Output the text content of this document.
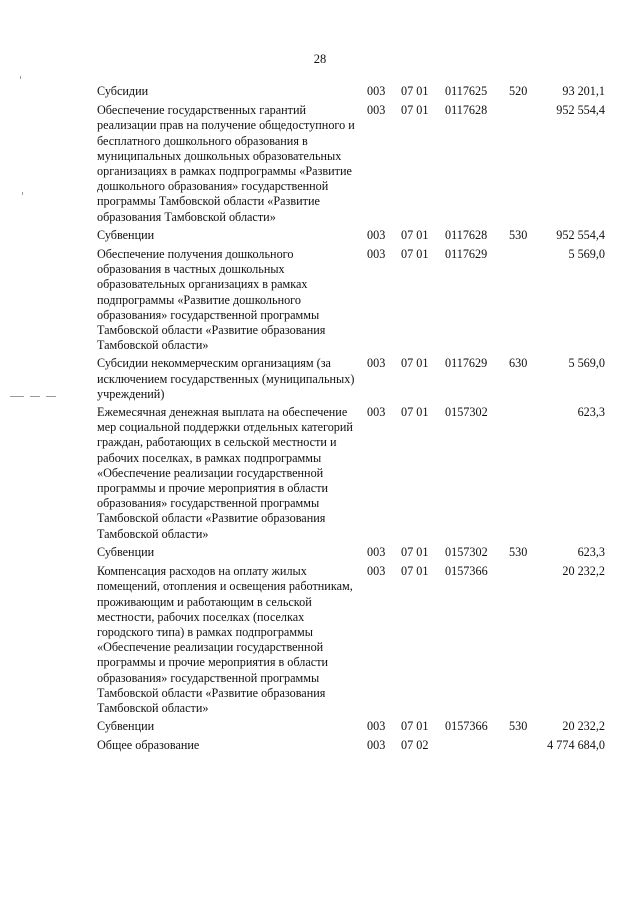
28
Субсидии	003	07 01	0117625	520	93 201,1
Обеспечение государственных гарантий реализации прав на получение общедоступного и бесплатного дошкольного образования в муниципальных дошкольных образовательных организациях в рамках подпрограммы «Развитие дошкольного образования» государственной программы Тамбовской области «Развитие образования Тамбовской области»	003	07 01	0117628		952 554,4
Субвенции	003	07 01	0117628	530	952 554,4
Обеспечение получения дошкольного образования в частных дошкольных образовательных организациях в рамках подпрограммы «Развитие дошкольного образования» государственной программы Тамбовской области «Развитие образования Тамбовской области»	003	07 01	0117629		5 569,0
Субсидии некоммерческим организациям (за исключением государственных (муниципальных) учреждений)	003	07 01	0117629	630	5 569,0
Ежемесячная денежная выплата на обеспечение мер социальной поддержки отдельных категорий граждан, работающих в сельской местности и рабочих поселках, в рамках подпрограммы «Обеспечение реализации государственной программы и прочие мероприятия в области образования» государственной программы Тамбовской области «Развитие образования Тамбовской области»	003	07 01	0157302		623,3
Субвенции	003	07 01	0157302	530	623,3
Компенсация расходов на оплату жилых помещений, отопления и освещения работникам, проживающим и работающим в сельской местности, рабочих поселках (поселках городского типа) в рамках подпрограммы «Обеспечение реализации государственной программы и прочие мероприятия в области образования» государственной программы Тамбовской области «Развитие образования Тамбовской области»	003	07 01	0157366		20 232,2
Субвенции	003	07 01	0157366	530	20 232,2
Общее образование	003	07 02			4 774 684,0
